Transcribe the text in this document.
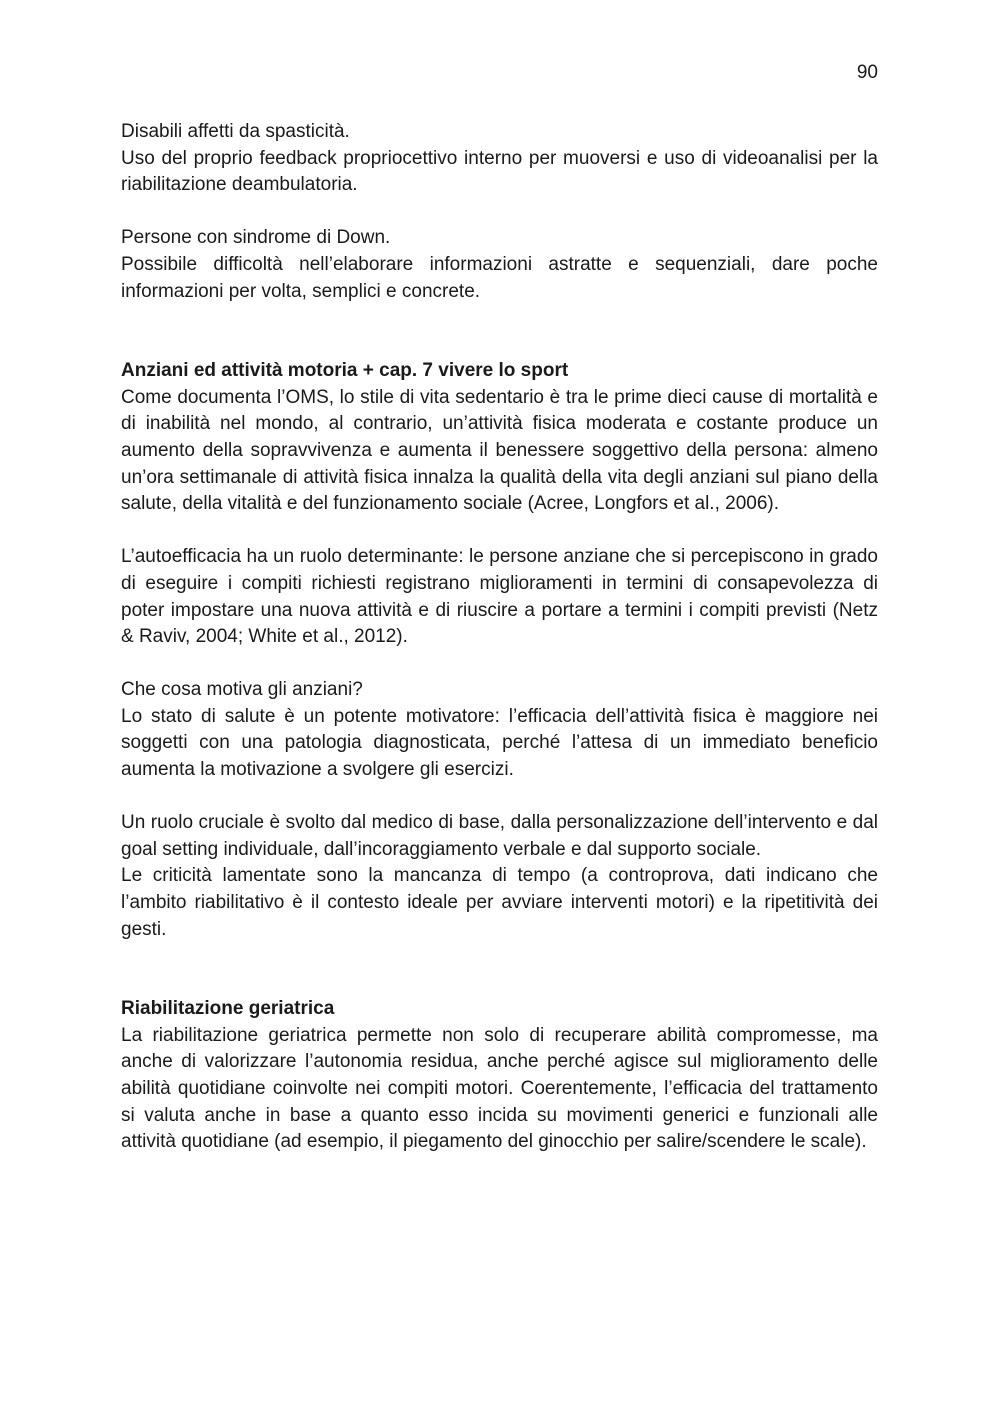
90

Disabili affetti da spasticità.

Uso del proprio feedback propriocettivo interno per muoversi e uso di videoanalisi per la riabilitazione deambulatoria.

Persone con sindrome di Down.

Possibile difficoltà nell’elaborare informazioni astratte e sequenziali, dare poche informazioni per volta, semplici e concrete.

Anziani ed attività motoria + cap. 7 vivere lo sport

Come documenta l’OMS, lo stile di vita sedentario è tra le prime dieci cause di mortalità e di inabilità nel mondo, al contrario, un’attività fisica moderata e costante produce un aumento della sopravvivenza e aumenta il benessere soggettivo della persona: almeno un’ora settimanale di attività fisica innalza la qualità della vita degli anziani sul piano della salute, della vitalità e del funzionamento sociale (Acree, Longfors et al., 2006).

L’autoefficacia ha un ruolo determinante: le persone anziane che si percepiscono in grado di eseguire i compiti richiesti registrano miglioramenti in termini di consapevolezza di poter impostare una nuova attività e di riuscire a portare a termini i compiti previsti (Netz & Raviv, 2004; White et al., 2012).

Che cosa motiva gli anziani?

Lo stato di salute è un potente motivatore: l’efficacia dell’attività fisica è maggiore nei soggetti con una patologia diagnosticata, perché l’attesa di un immediato beneficio aumenta la motivazione a svolgere gli esercizi.

Un ruolo cruciale è svolto dal medico di base, dalla personalizzazione dell’intervento e dal goal setting individuale, dall’incoraggiamento verbale e dal supporto sociale.

Le criticità lamentate sono la mancanza di tempo (a controprova, dati indicano che l’ambito riabilitativo è il contesto ideale per avviare interventi motori) e la ripetitività dei gesti.

Riabilitazione geriatrica

La riabilitazione geriatrica permette non solo di recuperare abilità compromesse, ma anche di valorizzare l’autonomia residua, anche perché agisce sul miglioramento delle abilità quotidiane coinvolte nei compiti motori. Coerentemente, l’efficacia del trattamento si valuta anche in base a quanto esso incida su movimenti generici e funzionali alle attività quotidiane (ad esempio, il piegamento del ginocchio per salire/scendere le scale).
